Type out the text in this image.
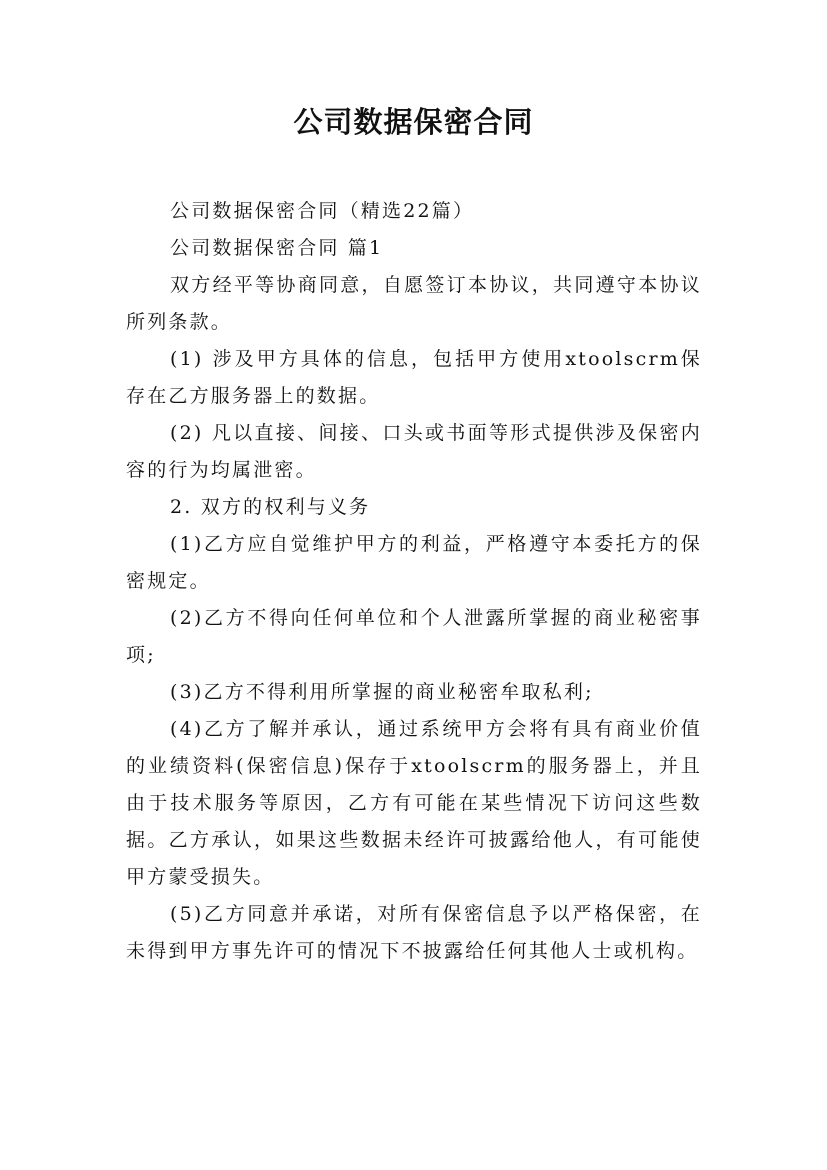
公司数据保密合同

公司数据保密合同（精选22篇）

公司数据保密合同 篇1

双方经平等协商同意，自愿签订本协议，共同遵守本协议所列条款。

(1) 涉及甲方具体的信息，包括甲方使用xtoolscrm保存在乙方服务器上的数据。

(2) 凡以直接、间接、口头或书面等形式提供涉及保密内容的行为均属泄密。

2. 双方的权利与义务

(1)乙方应自觉维护甲方的利益，严格遵守本委托方的保密规定。

(2)乙方不得向任何单位和个人泄露所掌握的商业秘密事项;

(3)乙方不得利用所掌握的商业秘密牟取私利;

(4)乙方了解并承认，通过系统甲方会将有具有商业价值的业绩资料(保密信息)保存于xtoolscrm的服务器上，并且由于技术服务等原因，乙方有可能在某些情况下访问这些数据。乙方承认，如果这些数据未经许可披露给他人，有可能使甲方蒙受损失。

(5)乙方同意并承诺，对所有保密信息予以严格保密，在未得到甲方事先许可的情况下不披露给任何其他人士或机构。
